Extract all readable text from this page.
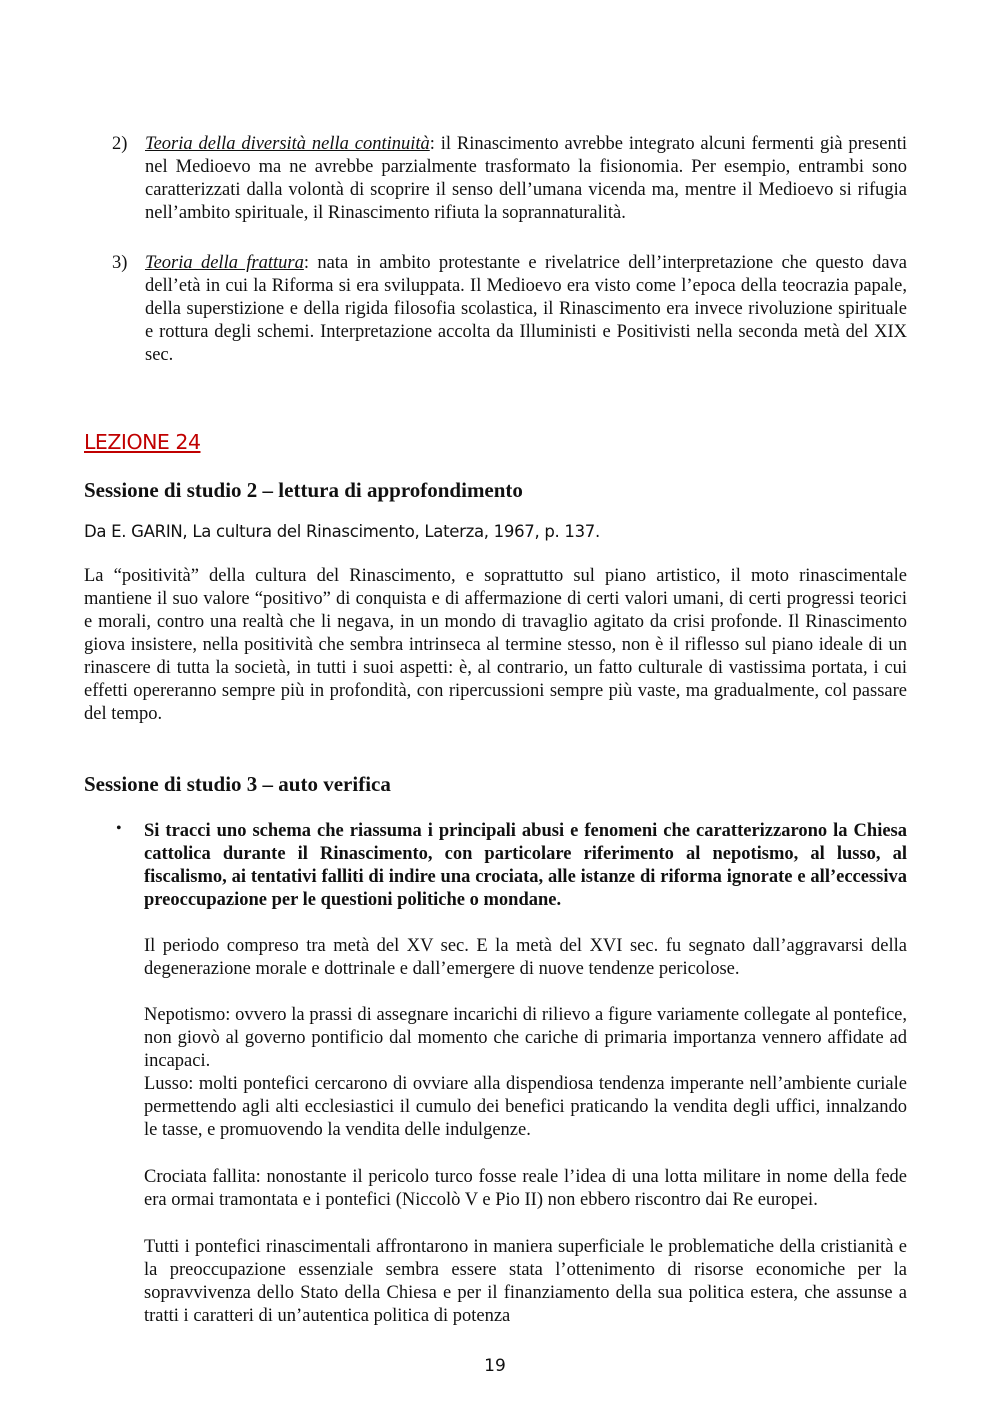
2) Teoria della diversità nella continuità: il Rinascimento avrebbe integrato alcuni fermenti già presenti nel Medioevo ma ne avrebbe parzialmente trasformato la fisionomia. Per esempio, entrambi sono caratterizzati dalla volontà di scoprire il senso dell’umana vicenda ma, mentre il Medioevo si rifugia nell’ambito spirituale, il Rinascimento rifiuta la soprannaturalità.
3) Teoria della frattura: nata in ambito protestante e rivelatrice dell’interpretazione che questo dava dell’età in cui la Riforma si era sviluppata. Il Medioevo era visto come l’epoca della teocrazia papale, della superstizione e della rigida filosofia scolastica, il Rinascimento era invece rivoluzione spirituale e rottura degli schemi. Interpretazione accolta da Illuministi e Positivisti nella seconda metà del XIX sec.
LEZIONE 24
Sessione di studio 2 – lettura di approfondimento
Da E. GARIN, La cultura del Rinascimento, Laterza, 1967, p. 137.
La “positività” della cultura del Rinascimento, e soprattutto sul piano artistico, il moto rinascimentale mantiene il suo valore “positivo” di conquista e di affermazione di certi valori umani, di certi progressi teorici e morali, contro una realtà che li negava, in un mondo di travaglio agitato da crisi profonde. Il Rinascimento giova insistere, nella positività che sembra intrinseca al termine stesso, non è il riflesso sul piano ideale di un rinascere di tutta la società, in tutti i suoi aspetti: è, al contrario, un fatto culturale di vastissima portata, i cui effetti opereranno sempre più in profondità, con ripercussioni sempre più vaste, ma gradualmente, col passare del tempo.
Sessione di studio 3 – auto verifica
• Si tracci uno schema che riassuma i principali abusi e fenomeni che caratterizzarono la Chiesa cattolica durante il Rinascimento, con particolare riferimento al nepotismo, al lusso, al fiscalismo, ai tentativi falliti di indire una crociata, alle istanze di riforma ignorate e all’eccessiva preoccupazione per le questioni politiche o mondane.
Il periodo compreso tra metà del XV sec. E la metà del XVI sec. fu segnato dall’aggravarsi della degenerazione morale e dottrinale e dall’emergere di nuove tendenze pericolose.
Nepotismo: ovvero la prassi di assegnare incarichi di rilievo a figure variamente collegate al pontefice, non giovò al governo pontificio dal momento che cariche di primaria importanza vennero affidate ad incapaci.
Lusso: molti pontefici cercarono di ovviare alla dispendiosa tendenza imperante nell’ambiente curiale permettendo agli alti ecclesiastici il cumulo dei benefici praticando la vendita degli uffici, innalzando le tasse, e promuovendo la vendita delle indulgenze.
Crociata fallita: nonostante il pericolo turco fosse reale l’idea di una lotta militare in nome della fede era ormai tramontata e i pontefici (Niccolò V e Pio II) non ebbero riscontro dai Re europei.
Tutti i pontefici rinascimentali affrontarono in maniera superficiale le problematiche della cristianità e la preoccupazione essenziale sembra essere stata l’ottenimento di risorse economiche per la sopravvivenza dello Stato della Chiesa e per il finanziamento della sua politica estera, che assunse a tratti i caratteri di un’autentica politica di potenza
19
